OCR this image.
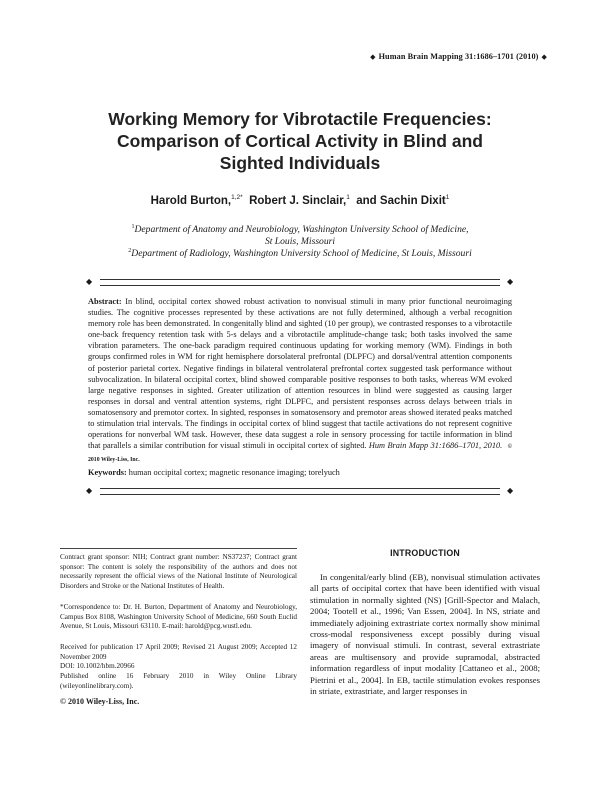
◆ Human Brain Mapping 31:1686–1701 (2010) ◆
Working Memory for Vibrotactile Frequencies:
Comparison of Cortical Activity in Blind and
Sighted Individuals
Harold Burton,$^{1,2*}$ Robert J. Sinclair,$^1$ and Sachin Dixit$^1$
$^1$Department of Anatomy and Neurobiology, Washington University School of Medicine,
St Louis, Missouri
$^2$Department of Radiology, Washington University School of Medicine, St Louis, Missouri
◆	◆
Abstract: In blind, occipital cortex showed robust activation to nonvisual stimuli in many prior functional neuroimaging studies. The cognitive processes represented by these activations are not fully determined, although a verbal recognition memory role has been demonstrated. In congenitally blind and sighted (10 per group), we contrasted responses to a vibrotactile one-back frequency retention task with 5-s delays and a vibrotactile amplitude-change task; both tasks involved the same vibration parameters. The one-back paradigm required continuous updating for working memory (WM). Findings in both groups confirmed roles in WM for right hemisphere dorsolateral prefrontal (DLPFC) and dorsal/ventral attention components of posterior parietal cortex. Negative findings in bilateral ventrolateral prefrontal cortex suggested task performance without subvocalization. In bilateral occipital cortex, blind showed comparable positive responses to both tasks, whereas WM evoked large negative responses in sighted. Greater utilization of attention resources in blind were suggested as causing larger responses in dorsal and ventral attention systems, right DLPFC, and persistent responses across delays between trials in somatosensory and premotor cortex. In sighted, responses in somatosensory and premotor areas showed iterated peaks matched to stimulation trial intervals. The findings in occipital cortex of blind suggest that tactile activations do not represent cognitive operations for nonverbal WM task. However, these data suggest a role in sensory processing for tactile information in blind that parallels a similar contribution for visual stimuli in occipital cortex of sighted. Hum Brain Mapp 31:1686–1701, 2010. © 2010 Wiley-Liss, Inc.
Keywords: human occipital cortex; magnetic resonance imaging; torelyuch
◆	◆
Contract grant sponsor: NIH; Contract grant number: NS37237; Contract grant sponsor: The content is solely the responsibility of the authors and does not necessarily represent the official views of the National Institute of Neurological Disorders and Stroke or the National Institutes of Health.
*Correspondence to: Dr. H. Burton, Department of Anatomy and Neurobiology, Campus Box 8108, Washington University School of Medicine, 660 South Euclid Avenue, St Louis, Missouri 63110. E-mail: harold@pcg.wustl.edu.
Received for publication 17 April 2009; Revised 21 August 2009; Accepted 12 November 2009
DOI: 10.1002/hbm.20966
Published online 16 February 2010 in Wiley Online Library (wileyonlinelibrary.com).
© 2010 Wiley-Liss, Inc.
INTRODUCTION
In congenital/early blind (EB), nonvisual stimulation activates all parts of occipital cortex that have been identified with visual stimulation in normally sighted (NS) [Grill-Spector and Malach, 2004; Tootell et al., 1996; Van Essen, 2004]. In NS, striate and immediately adjoining extrastriate cortex normally show minimal cross-modal responsiveness except possibly during visual imagery of nonvisual stimuli. In contrast, several extrastriate areas are multisensory and provide supramodal, abstracted information regardless of input modality [Cattaneo et al., 2008; Pietrini et al., 2004]. In EB, tactile stimulation evokes responses in striate, extrastriate, and larger responses in
